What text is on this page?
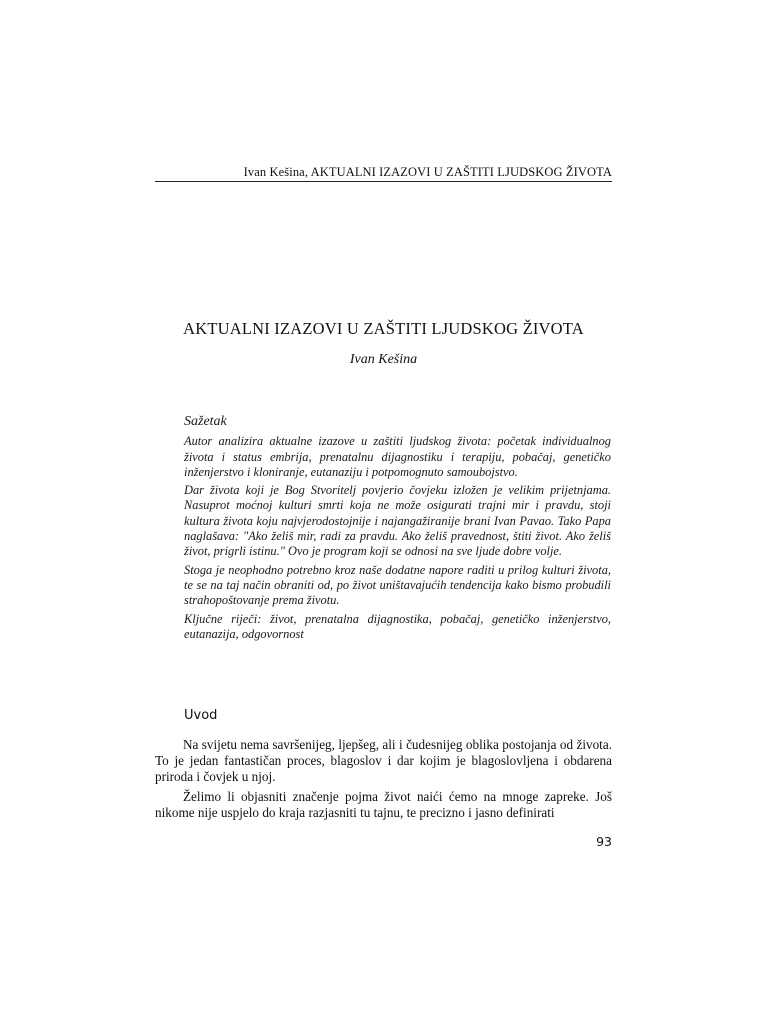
Ivan Kešina, AKTUALNI IZAZOVI U ZAŠTITI LJUDSKOG ŽIVOTA
AKTUALNI IZAZOVI U ZAŠTITI LJUDSKOG ŽIVOTA
Ivan Kešina
Sažetak

Autor analizira aktualne izazove u zaštiti ljudskog života: početak individualnog života i status embrija, prenatalnu dijagnostiku i terapiju, pobačaj, genetičko inženjerstvo i kloniranje, eutanaziju i potpomognuto samoubojstvo.

Dar života koji je Bog Stvoritelj povjerio čovjeku izložen je velikim prijetnjama. Nasuprot moćnoj kulturi smrti koja ne može osigurati trajni mir i pravdu, stoji kultura života koju najvjerodostojnije i najangažiranije brani Ivan Pavao. Tako Papa naglašava: "Ako želiš mir, radi za pravdu. Ako želiš pravednost, štiti život. Ako želiš život, prigrli istinu." Ovo je program koji se odnosi na sve ljude dobre volje.

Stoga je neophodno potrebno kroz naše dodatne napore raditi u prilog kulturi života, te se na taj način obraniti od, po život uništavajućih tendencija kako bismo probudili strahopoštovanje prema životu.

Ključne riječi: život, prenatalna dijagnostika, pobačaj, genetičko inženjerstvo, eutanazija, odgovornost

Uvod

Na svijetu nema savršenijeg, ljepšeg, ali i čudesnijeg oblika postojanja od života. To je jedan fantastičan proces, blagoslov i dar kojim je blagoslovljena i obdarena priroda i čovjek u njoj.

Želimo li objasniti značenje pojma život naići ćemo na mnoge zapreke. Još nikome nije uspjelo do kraja razjasniti tu tajnu, te precizno i jasno definirati

93
